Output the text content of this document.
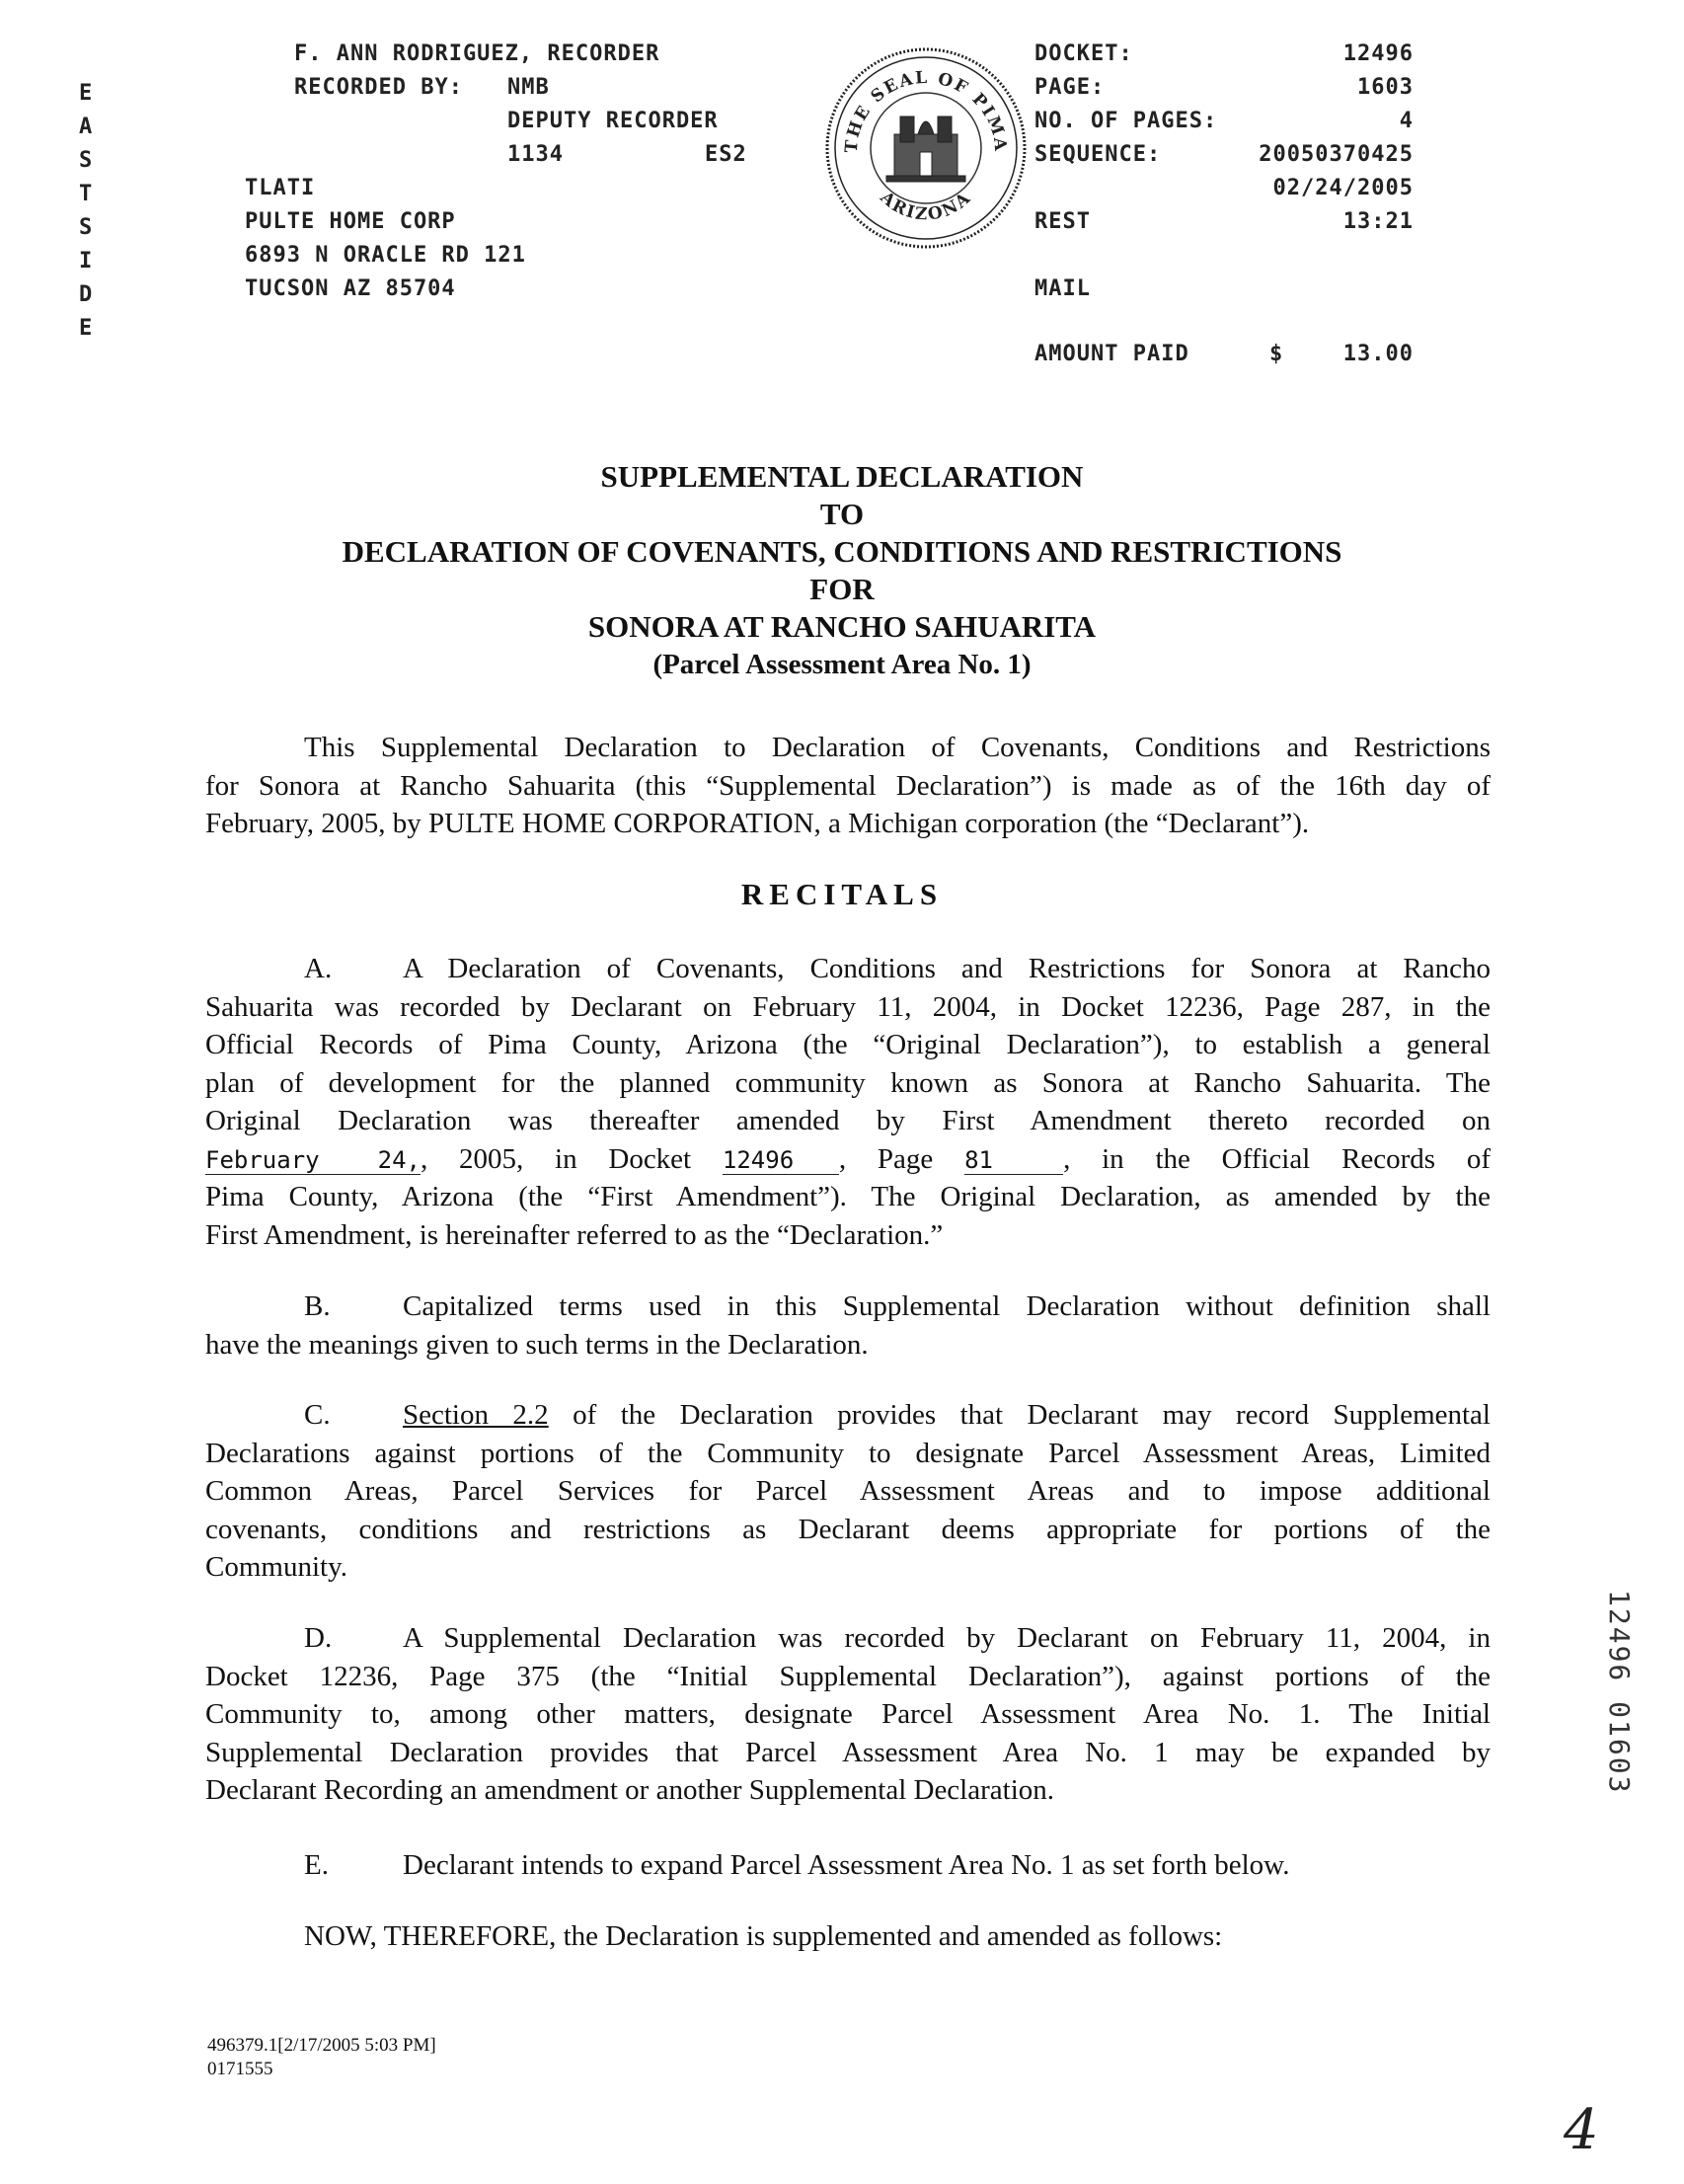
E
A
S
T
S
I
D
E
F. ANN RODRIGUEZ, RECORDER
RECORDED BY: NMB
DEPUTY RECORDER
1134	ES2
TLATI
PULTE HOME CORP
6893 N ORACLE RD 121
TUCSON AZ 85704
THE SEAL OF PIMA
ARIZONA
DOCKET:	12496
PAGE:	1603
NO. OF PAGES:	4
SEQUENCE:	20050370425
02/24/2005
REST	13:21
MAIL
AMOUNT PAID	$	13.00
SUPPLEMENTAL DECLARATION
TO
DECLARATION OF COVENANTS, CONDITIONS AND RESTRICTIONS
FOR
SONORA AT RANCHO SAHUARITA
(Parcel Assessment Area No. 1)
This Supplemental Declaration to Declaration of Covenants, Conditions and Restrictions
for Sonora at Rancho Sahuarita (this “Supplemental Declaration”) is made as of the 16th day of
February, 2005, by PULTE HOME CORPORATION, a Michigan corporation (the “Declarant”).
RECITALS
A. A Declaration of Covenants, Conditions and Restrictions for Sonora at Rancho
Sahuarita was recorded by Declarant on February 11, 2004, in Docket 12236, Page 287, in the
Official Records of Pima County, Arizona (the “Original Declaration”), to establish a general
plan of development for the planned community known as Sonora at Rancho Sahuarita. The
Original Declaration was thereafter amended by First Amendment thereto recorded on
February 24,, 2005, in Docket 12496 , Page 81 , in the Official Records of
Pima County, Arizona (the “First Amendment”). The Original Declaration, as amended by the
First Amendment, is hereinafter referred to as the “Declaration.”
B.	Capitalized terms used in this Supplemental Declaration without definition shall
have the meanings given to such terms in the Declaration.
C.	Section 2.2 of the Declaration provides that Declarant may record Supplemental
Declarations against portions of the Community to designate Parcel Assessment Areas, Limited
Common Areas, Parcel Services for Parcel Assessment Areas and to impose additional
covenants, conditions and restrictions as Declarant deems appropriate for portions of the
Community.
D. A Supplemental Declaration was recorded by Declarant on February 11, 2004, in
Docket 12236, Page 375 (the “Initial Supplemental Declaration”), against portions of the
Community to, among other matters, designate Parcel Assessment Area No. 1. The Initial
Supplemental Declaration provides that Parcel Assessment Area No. 1 may be expanded by
Declarant Recording an amendment or another Supplemental Declaration.
E.	Declarant intends to expand Parcel Assessment Area No. 1 as set forth below.
NOW, THEREFORE, the Declaration is supplemented and amended as follows:
496379.1[2/17/2005 5:03 PM]
0171555
12496 01603
4
